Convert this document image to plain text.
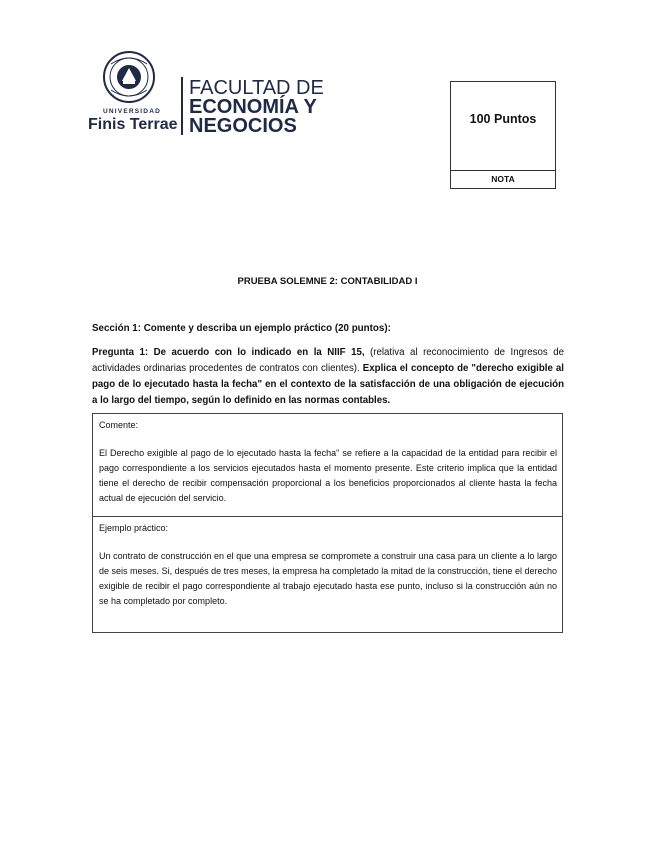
UNIVERSIDAD
Finis Terrae
FACULTAD DE
ECONOMÍA Y
NEGOCIOS	100 Puntos
NOTA
PRUEBA SOLEMNE 2: CONTABILIDAD I
Sección 1: Comente y describa un ejemplo práctico (20 puntos):
Pregunta 1: De acuerdo con lo indicado en la NIIF 15, (relativa al reconocimiento de Ingresos de actividades ordinarias procedentes de contratos con clientes). Explica el concepto de "derecho exigible al pago de lo ejecutado hasta la fecha" en el contexto de la satisfacción de una obligación de ejecución a lo largo del tiempo, según lo definido en las normas contables.
Comente:
El Derecho exigible al pago de lo ejecutado hasta la fecha" se refiere a la capacidad de la entidad para recibir el pago correspondiente a los servicios ejecutados hasta el momento presente. Este criterio implica que la entidad tiene el derecho de recibir compensación proporcional a los beneficios proporcionados al cliente hasta la fecha actual de ejecución del servicio.
Ejemplo práctico:
Un contrato de construcción en el que una empresa se compromete a construir una casa para un cliente a lo largo de seis meses. Si, después de tres meses, la empresa ha completado la mitad de la construcción, tiene el derecho exigible de recibir el pago correspondiente al trabajo ejecutado hasta ese punto, incluso si la construcción aún no se ha completado por completo.
